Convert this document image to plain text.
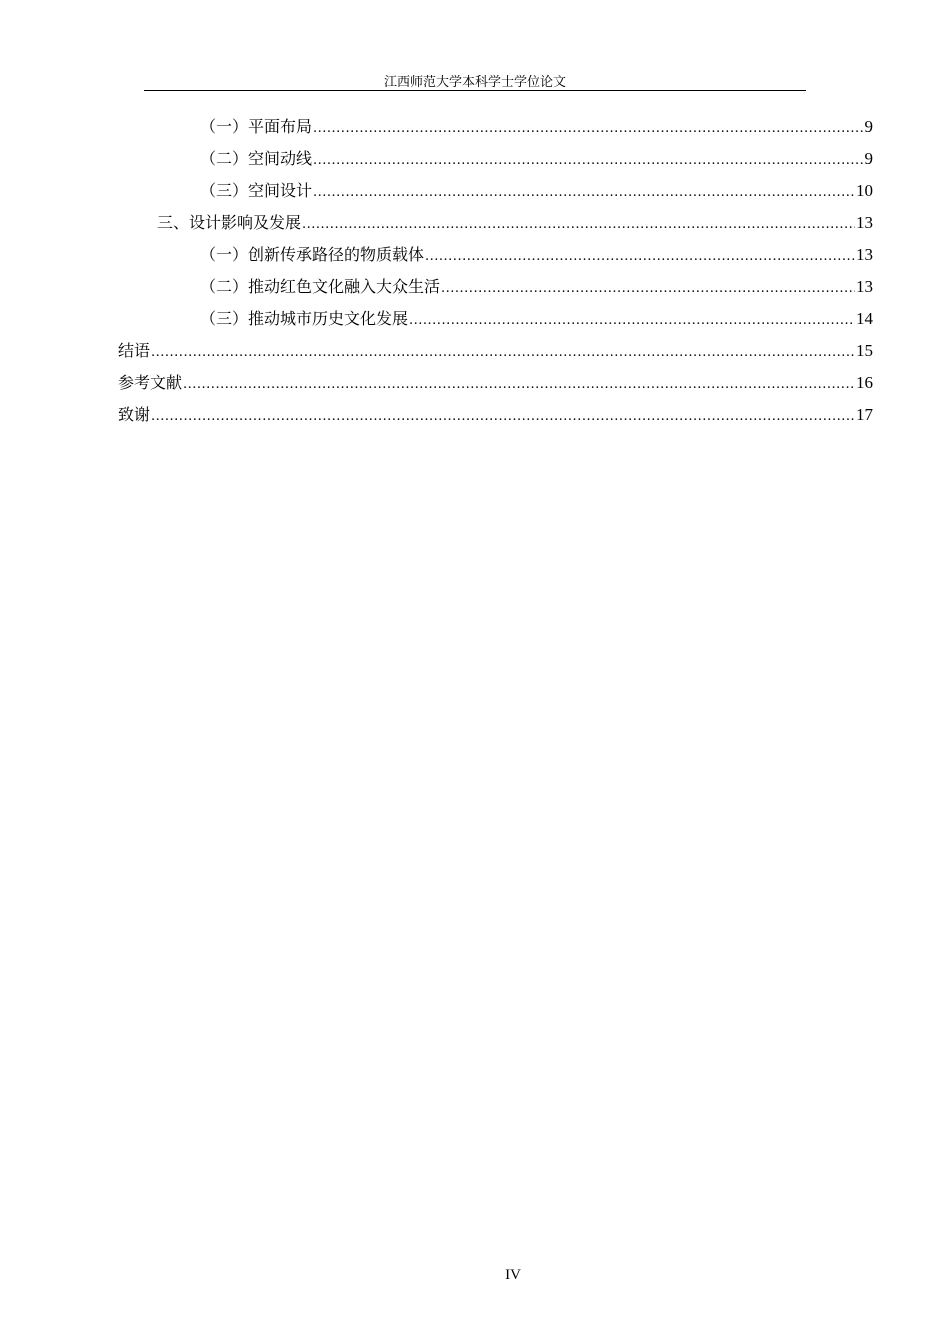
江西师范大学本科学士学位论文
（一）平面布局 .....	9
（二）空间动线 .....	9
（三）空间设计 .....	10
三、设计影响及发展 .....	13
（一）创新传承路径的物质载体 .....	13
（二）推动红色文化融入大众生活 .....	13
（三）推动城市历史文化发展 .....	14
结语 .....	15
参考文献 .....	16
致谢 .....	17
IV
